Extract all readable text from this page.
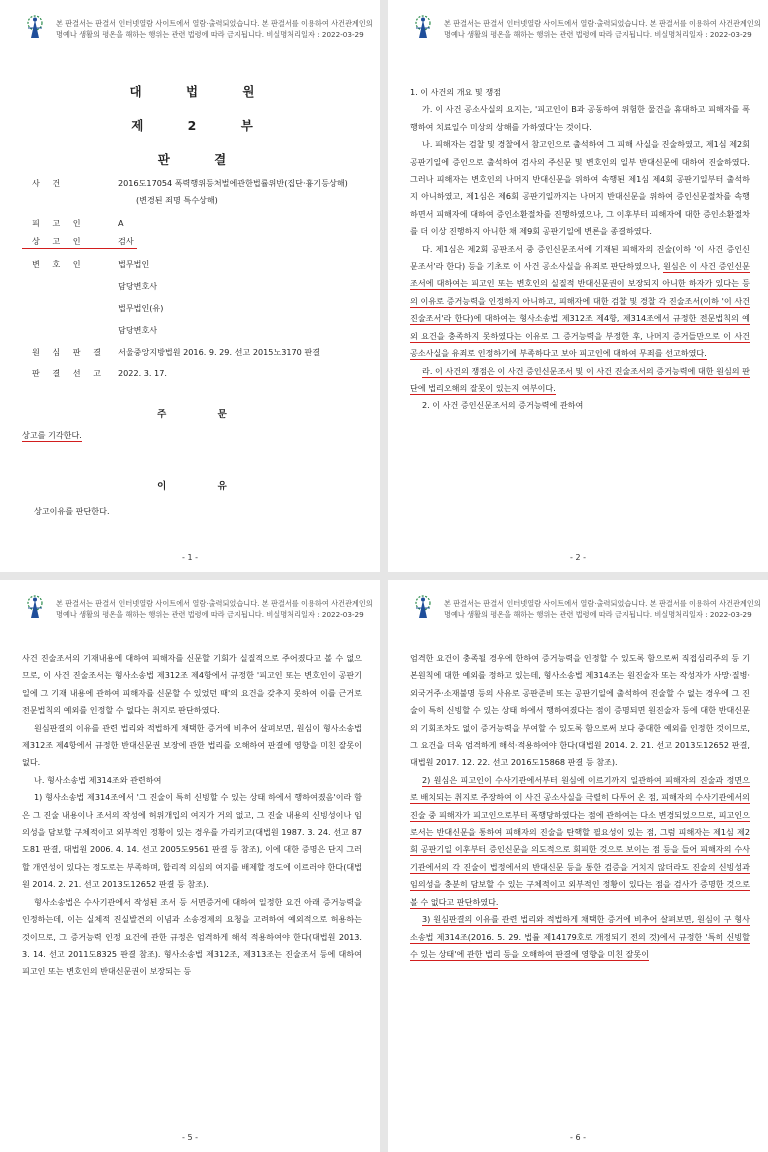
본 판결서는 판결서 인터넷열람 사이트에서 열람·출력되었습니다. 본 판결서를 이용하여 사건관계인의
명예나 생활의 평온을 해하는 행위는 관련 법령에 따라 금지됩니다. 비실명처리일자 : 2022-03-29
대 법 원
제 2 부
판 결
사 건	2016도17054 폭력행위등처벌에관한법률위반(집단·흉기등상해)
(변경된 죄명 특수상해)
피 고 인	A
상 고 인	검사
변 호 인	법무법인
담당변호사
법무법인(유)
담당변호사
원 심 판 결 서울중앙지방법원 2016. 9. 29. 선고 2015노3170 판결
판 결 선 고 2022. 3. 17.
주 문
상고를 기각한다.
이 유
상고이유를 판단한다.
- 1 -
본 판결서는 판결서 인터넷열람 사이트에서 열람·출력되었습니다. 본 판결서를 이용하여 사건관계인의
명예나 생활의 평온을 해하는 행위는 관련 법령에 따라 금지됩니다. 비실명처리일자 : 2022-03-29

1. 이 사건의 개요 및 쟁점

가. 이 사건 공소사실의 요지는, '피고인이 B과 공동하여 위험한 물건을 휴대하고 피해자를 폭행하여 치료일수 미상의 상해를 가하였다'는 것이다.

나. 피해자는 검찰 및 경찰에서 참고인으로 출석하여 그 피해 사실을 진술하였고, 제1심 제2회 공판기일에 증인으로 출석하여 검사의 주신문 및 변호인의 일부 반대신문에 대하여 진술하였다. 그러나 피해자는 변호인의 나머지 반대신문을 위하여 속행된 제1심 제4회 공판기일부터 출석하지 아니하였고, 제1심은 제6회 공판기일까지는 나머지 반대신문을 위하여 증인신문절차를 속행하면서 피해자에 대하여 증인소환절차를 진행하였으나, 그 이후부터 피해자에 대한 증인소환절차를 더 이상 진행하지 아니한 채 제9회 공판기일에 변론을 종결하였다.

다. 제1심은 제2회 공판조서 중 증인신문조서에 기재된 피해자의 진술(이하 '이 사건 증인신문조서'라 한다) 등을 기초로 이 사건 공소사실을 유죄로 판단하였으나, 원심은 이 사건 증인신문조서에 대하여는 피고인 또는 변호인의 실질적 반대신문권이 보장되지 아니한 하자가 있다는 등의 이유로 증거능력을 인정하지 아니하고, 피해자에 대한 검찰 및 경찰 각 진술조서(이하 '이 사건 진술조서'라 한다)에 대하여는 형사소송법 제312조 제4항, 제314조에서 규정한 전문법칙의 예외 요건을 충족하지 못하였다는 이유로 그 증거능력을 부정한 후, 나머지 증거들만으로 이 사건 공소사실을 유죄로 인정하기에 부족하다고 보아 피고인에 대하여 무죄를 선고하였다.

라. 이 사건의 쟁점은 이 사건 증인신문조서 및 이 사건 진술조서의 증거능력에 대한 원심의 판단에 법리오해의 잘못이 있는지 여부이다.

2. 이 사건 증인신문조서의 증거능력에 관하여

- 2 -
본 판결서는 판결서 인터넷열람 사이트에서 열람·출력되었습니다. 본 판결서를 이용하여 사건관계인의
명예나 생활의 평온을 해하는 행위는 관련 법령에 따라 금지됩니다. 비실명처리일자 : 2022-03-29

사건 진술조서의 기재내용에 대하여 피해자를 신문할 기회가 실질적으로 주어졌다고 볼 수 없으므로, 이 사건 진술조서는 형사소송법 제312조 제4항에서 규정한 '피고인 또는 변호인이 공판기일에 그 기재 내용에 관하여 피해자를 신문할 수 있었던 때'의 요건을 갖추지 못하여 이를 근거로 전문법칙의 예외를 인정할 수 없다는 취지로 판단하였다.

원심판결의 이유를 관련 법리와 적법하게 채택한 증거에 비추어 살펴보면, 원심이 형사소송법 제312조 제4항에서 규정한 반대신문권 보장에 관한 법리를 오해하여 판결에 영향을 미친 잘못이 없다.

나. 형사소송법 제314조와 관련하여

1) 형사소송법 제314조에서 '그 진술이 특히 신빙할 수 있는 상태 하에서 행하여졌음'이라 함은 그 진술 내용이나 조서의 작성에 허위개입의 여지가 거의 없고, 그 진술 내용의 신빙성이나 임의성을 담보할 구체적이고 외부적인 정황이 있는 경우를 가리키고(대법원 1987. 3. 24. 선고 87도81 판결, 대법원 2006. 4. 14. 선고 2005도9561 판결 등 참조), 이에 대한 증명은 단지 그러할 개연성이 있다는 정도로는 부족하며, 합리적 의심의 여지를 배제할 정도에 이르러야 한다(대법원 2014. 2. 21. 선고 2013도12652 판결 등 참조).

형사소송법은 수사기관에서 작성된 조서 등 서면증거에 대하여 일정한 요건 아래 증거능력을 인정하는데, 이는 실체적 진실발견의 이념과 소송경제의 요청을 고려하여 예외적으로 허용하는 것이므로, 그 증거능력 인정 요건에 관한 규정은 엄격하게 해석 적용하여야 한다(대법원 2013. 3. 14. 선고 2011도8325 판결 참조). 형사소송법 제312조, 제313조는 진술조서 등에 대하여 피고인 또는 변호인의 반대신문권이 보장되는 등

- 5 -
본 판결서는 판결서 인터넷열람 사이트에서 열람·출력되었습니다. 본 판결서를 이용하여 사건관계인의
명예나 생활의 평온을 해하는 행위는 관련 법령에 따라 금지됩니다. 비실명처리일자 : 2022-03-29

엄격한 요건이 충족될 경우에 한하여 증거능력을 인정할 수 있도록 함으로써 직접심리주의 등 기본원칙에 대한 예외를 정하고 있는데, 형사소송법 제314조는 원진술자 또는 작성자가 사망·질병·외국거주·소재불명 등의 사유로 공판준비 또는 공판기일에 출석하여 진술할 수 없는 경우에 그 진술이 특히 신빙할 수 있는 상태 하에서 행하여졌다는 점이 증명되면 원진술자 등에 대한 반대신문의 기회조차도 없이 증거능력을 부여할 수 있도록 함으로써 보다 중대한 예외를 인정한 것이므로, 그 요건을 더욱 엄격하게 해석·적용하여야 한다(대법원 2014. 2. 21. 선고 2013도12652 판결, 대법원 2017. 12. 22. 선고 2016도15868 판결 등 참조).

2) 원심은 피고인이 수사기관에서부터 원심에 이르기까지 일관하여 피해자의 진술과 정면으로 배치되는 취지로 주장하여 이 사건 공소사실을 극렬히 다투어 온 점, 피해자의 수사기관에서의 진술 중 피해자가 피고인으로부터 폭행당하였다는 점에 관하여는 다소 변경되었으므로, 피고인으로서는 반대신문을 통하여 피해자의 진술을 탄핵할 필요성이 있는 점, 그럼 피해자는 제1심 제2회 공판기일 이후부터 증인신문을 의도적으로 회피한 것으로 보이는 점 등을 들어 피해자의 수사기관에서의 각 진술이 법정에서의 반대신문 등을 통한 검증을 거치지 않더라도 진술의 신빙성과 임의성을 충분히 담보할 수 있는 구체적이고 외부적인 정황이 있다는 점을 검사가 증명한 것으로 볼 수 없다고 판단하였다.

3) 원심판결의 이유를 관련 법리와 적법하게 채택한 증거에 비추어 살펴보면, 원심이 구 형사소송법 제314조(2016. 5. 29. 법률 제14179호로 개정되기 전의 것)에서 규정한 '특히 신빙할 수 있는 상태'에 관한 법리 등을 오해하여 판결에 영향을 미친 잘못이

- 6 -
